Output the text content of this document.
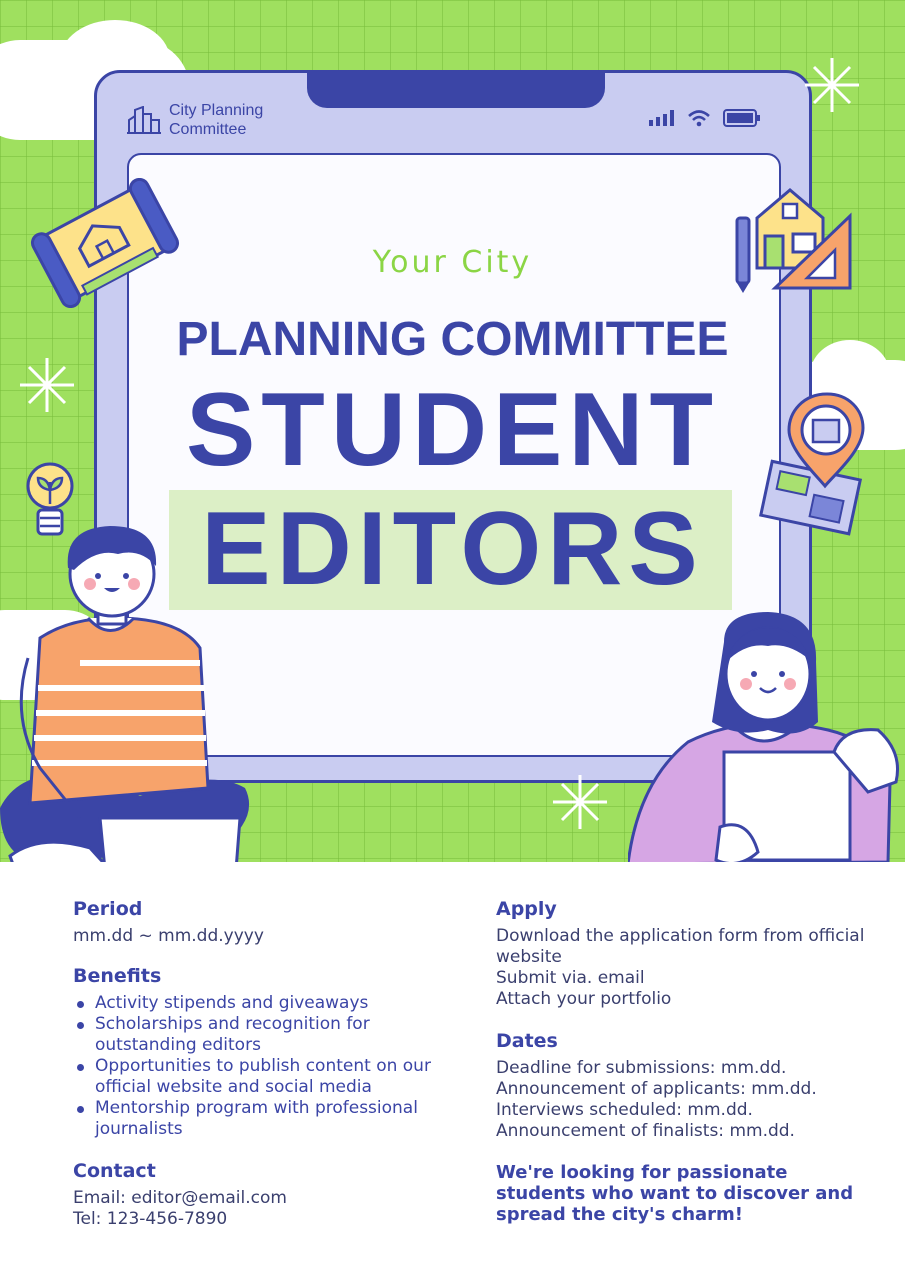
City Planning
Committee
Your City
PLANNING COMMITTEE
STUDENT
EDITORS
Period
mm.dd ~ mm.dd.yyyy
Benefits
Activity stipends and giveaways
Scholarships and recognition for outstanding editors
Opportunities to publish content on our official website and social media
Mentorship program with professional journalists
Contact
Email: editor@email.com
Tel: 123-456-7890
Apply
Download the application form from official website
Submit via. email
Attach your portfolio
Dates
Deadline for submissions: mm.dd.
Announcement of applicants: mm.dd.
Interviews scheduled: mm.dd.
Announcement of finalists: mm.dd.
We're looking for passionate students who want to discover and spread the city's charm!
